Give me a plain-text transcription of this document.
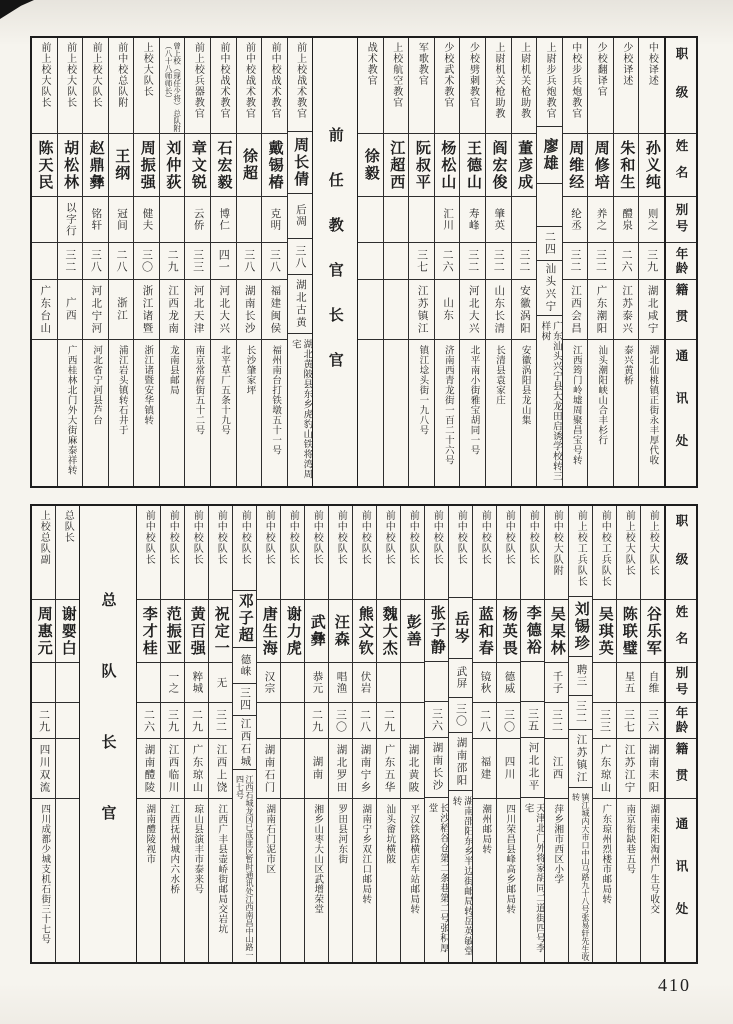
前上校大队长
陈天民
广东台山
前上校大队长
胡松林
以字行
三二
广西
广西桂林北门外大街麻泰祥转
前上校大队长
赵鼎彝
铭轩
三八
河北宁河
河北省宁河县芦台
前中校总队附
王纲
冠间
二八
浙江
浦江岩头镇转石井于
上校大队长
周振强
健夫
三〇
浙江诸暨
浙江诸暨安华镇转
曾上校（现任少将）总队附（八十八师师长）
刘仲荻
二九
江西龙南
龙南县邮局
前上校兵器教官
章文锐
云侨
三三
河北天津
南京常府街五十二号
前中校战术教官
石宏毅
博仁
四一
河北大兴
北平草厂五条十九号
前中校战术教官
徐超
三八
湖南长沙
长沙肇家坪
前中校战术教官
戴锡椿
克明
三八
福建闽侯
福州南台打铁墩五十一号
前上校战术教官
周长倩
后凋
三八
湖北古黄
湖北黄陂县东乡虎豹山铁将湾周宅	前任教官长官
战术教官
徐毅
上校航空教官
江超西
军歌教官
阮叔平
三七
江苏镇江
镇江埝头街一九八号
少校武术教官
杨松山
汇川
二六
山东
济南西青龙街一百二十六号
少校劈刺教官
王德山
寿峰
三二
河北大兴
北平南小街雅宝胡同一号
上尉机关枪助教
阎宏俊
肇英
三二
山东长清
长清县袁家庄
上尉机关枪助教
董彦成
三二
安徽涡阳
安徽涡阳县龙山集
上尉步兵炮教官
廖雄
二四
汕头兴宁
广东汕头兴宁县大龙田启诱学校转三样树
中校步兵炮教官
周维经
纶丞
三二
江西会昌
江西筠门岭墟周聚昌宝号转
少校翻译官
周修培
养之
三二
广东潮阳
汕头潮阳峡山合丰杉行
少校译述
朱和生
醴泉
二六
江苏泰兴
泰兴黄桥
中校译述
孙义纯
则之
三九
湖北咸宁
湖北仙桃镇正街永丰厚代收
职级
姓名
别号
年龄
籍贯
通讯处
上校总队副
周惠元
二九
四川双流
四川成都少城支机石街三十七号
总队长
谢婴白 总队长官
前中校队长
李才桂
二六
湖南醴陵
湖南醴陵视市
前中校队长
范振亚
一之
三九
江西临川
江西抚州城内六水桥
前中校队长
黄百强
粹城
二九
广东琼山
琼山县演丰市泰来号
前中校队长
祝定一
无
三二
江西上饶
江西广丰县壶峤街邮局交岩坑
前中校队长
邓子超
德崃
三四
江西石城
江西石城龙冈已成匪区暂时通讯处江西南昌中山路一四七号
前中校队长
唐生海
汉宗
湖南石门
湖南石门泥市区
前中校队长
谢力虎
前中校队长
武彝
恭元
二九
湖南
湘乡山枣大山区武增荣堂
前中校队长
汪森
唱渔
三〇
湖北罗田
罗田县河东街
前中校队长
熊文钦
伏岩
二八
湖南宁乡
湖南宁乡双江口邮局转
前中校队长
魏大杰
二九
广东五华
汕头畲坑横陂
前中校队长
彭善
湖北黄陂
平汉铁路横店车站邮局转
前中校队长
张子静
三六
湖南长沙
长沙稻谷仓第二条巷第二号张积厚堂
前中校队长
岳岑
武屏
三〇
湖南邵阳
湖南邵阳东乡半边街邮局转岳英敏堂转
前中校队长
蓝和春
镜秋
二八
福建
潮州邮局转
前中校队长
杨英畏
德威
三〇
四川
四川荣昌县峰高乡邮局转
前中校队长
李德裕
三五
河北北平
天津北门外将家胡同二道街四号李宅
前中校大队附
吴杲林
千子
三二
江西
萍乡湘市西区小学
前上校工兵队长
刘锡珍
聘三
三二
江苏镇江
镇江城内大市口中山马路九十八号张易轩先生收转
前中校工兵队长
吴琪英
三三
广东琼山
广东琼州烈楼市邮局转
前上校大队长
陈联璧
星五
三七
江苏江宁
南京衔缺巷五号
前上校大队长
谷乐军
自维
三六
湖南耒阳
湖南耒阳淘州广生号收交
职级
姓名
别号
年龄
籍贯
通讯处
410
